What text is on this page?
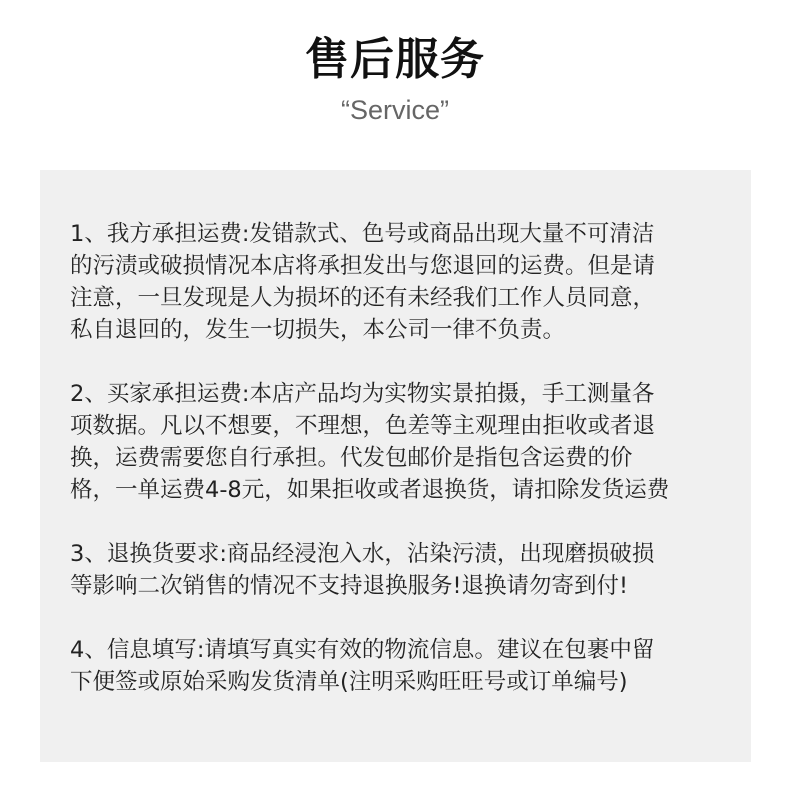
售后服务
“Service”
1、我方承担运费:发错款式、色号或商品出现大量不可清洁
的污渍或破损情况本店将承担发出与您退回的运费。但是请
注意，一旦发现是人为损坏的还有未经我们工作人员同意，
私自退回的，发生一切损失，本公司一律不负责。
2、买家承担运费:本店产品均为实物实景拍摄，手工测量各
项数据。凡以不想要，不理想，色差等主观理由拒收或者退
换，运费需要您自行承担。代发包邮价是指包含运费的价
格，一单运费4-8元，如果拒收或者退换货，请扣除发货运费
3、退换货要求:商品经浸泡入水，沾染污渍，出现磨损破损
等影响二次销售的情况不支持退换服务!退换请勿寄到付!
4、信息填写:请填写真实有效的物流信息。建议在包裹中留
下便签或原始采购发货清单(注明采购旺旺号或订单编号)
